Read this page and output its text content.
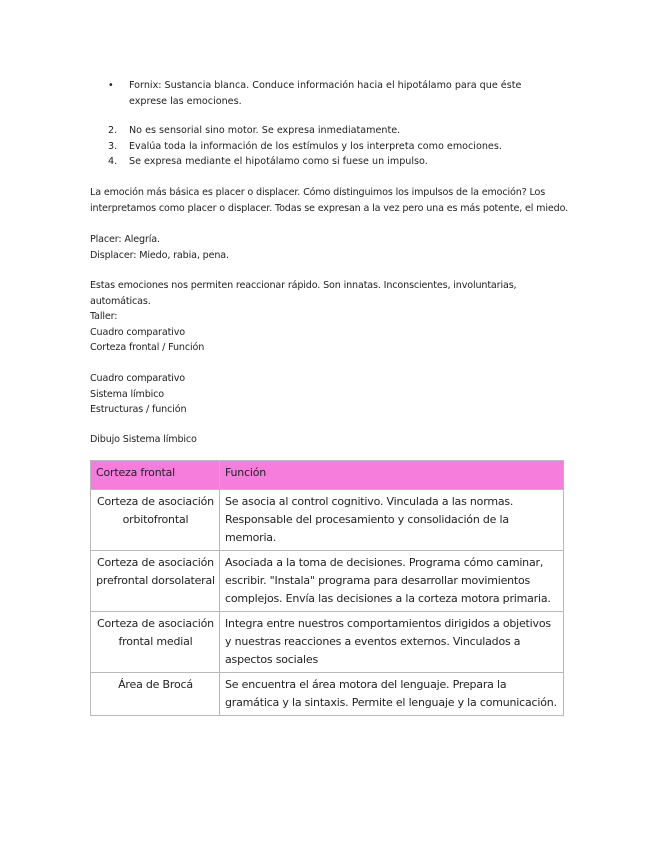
•	Fornix: Sustancia blanca. Conduce información hacia el hipotálamo para que éste exprese las emociones.
2.	No es sensorial sino motor. Se expresa inmediatamente.
3.	Evalúa toda la información de los estímulos y los interpreta como emociones.
4.	Se expresa mediante el hipotálamo como si fuese un impulso.
La emoción más básica es placer o displacer. Cómo distinguimos los impulsos de la emoción? Los interpretamos como placer o displacer. Todas se expresan a la vez pero una es más potente, el miedo.
Placer: Alegría.
Displacer: Miedo, rabia, pena.
Estas emociones nos permiten reaccionar rápido. Son innatas. Inconscientes, involuntarias, automáticas.
Taller:
Cuadro comparativo
Corteza frontal / Función
Cuadro comparativo
Sistema límbico
Estructuras / función
Dibujo Sistema límbico
Corteza frontal	Función
Corteza de asociación orbitofrontal	Se asocia al control cognitivo. Vinculada a las normas. Responsable del procesamiento y consolidación de la memoria.
Corteza de asociación prefrontal dorsolateral	Asociada a la toma de decisiones. Programa cómo caminar, escribir. "Instala" programa para desarrollar movimientos complejos. Envía las decisiones a la corteza motora primaria.
Corteza de asociación frontal medial	Integra entre nuestros comportamientos dirigidos a objetivos y nuestras reacciones a eventos externos. Vinculados a aspectos sociales
Área de Brocá	Se encuentra el área motora del lenguaje. Prepara la gramática y la sintaxis. Permite el lenguaje y la comunicación.
